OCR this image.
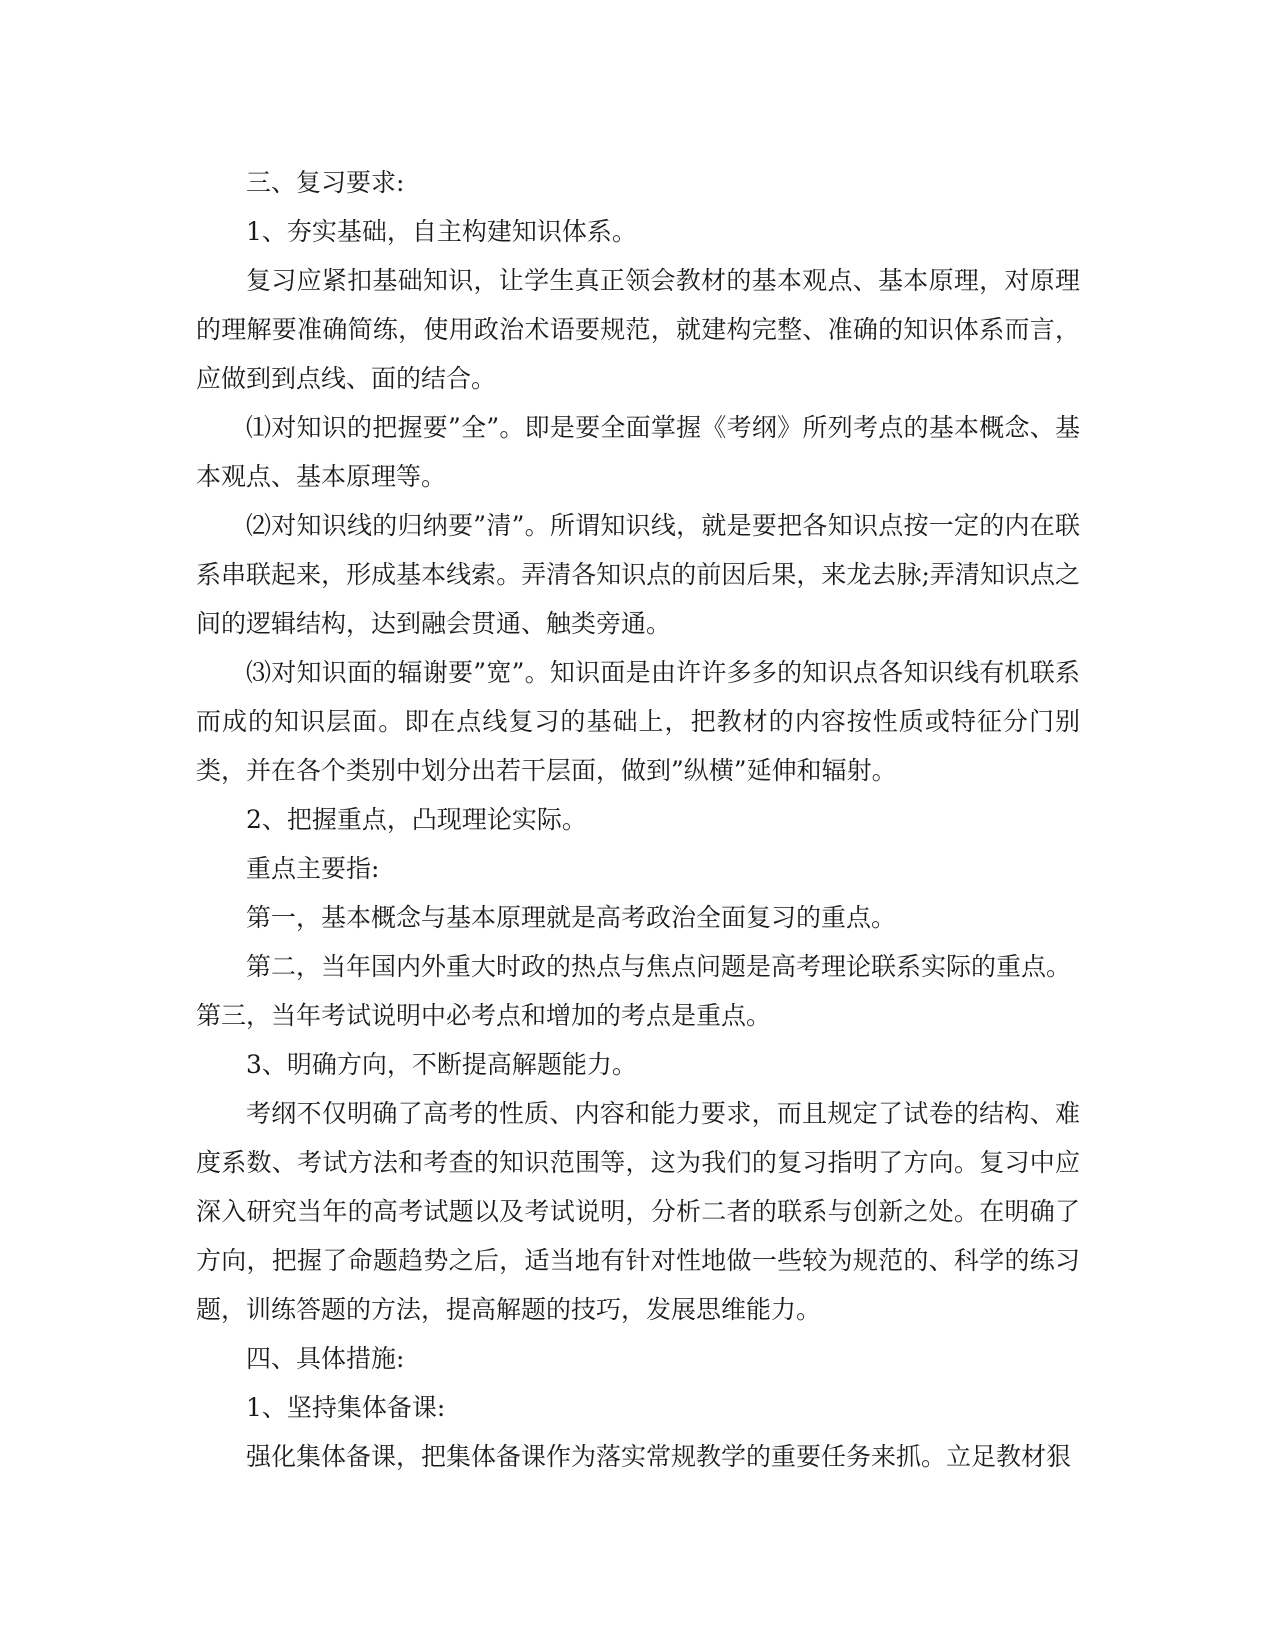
三、复习要求:

1、夯实基础，自主构建知识体系。

复习应紧扣基础知识，让学生真正领会教材的基本观点、基本原理，对原理的理解要准确简练，使用政治术语要规范，就建构完整、准确的知识体系而言，应做到到点线、面的结合。

⑴对知识的把握要”全”。即是要全面掌握《考纲》所列考点的基本概念、基本观点、基本原理等。

⑵对知识线的归纳要”清”。所谓知识线，就是要把各知识点按一定的内在联系串联起来，形成基本线索。弄清各知识点的前因后果，来龙去脉;弄清知识点之间的逻辑结构，达到融会贯通、触类旁通。

⑶对知识面的辐谢要”宽”。知识面是由许许多多的知识点各知识线有机联系而成的知识层面。即在点线复习的基础上，把教材的内容按性质或特征分门别类，并在各个类别中划分出若干层面，做到”纵横”延伸和辐射。

2、把握重点，凸现理论实际。

重点主要指:

第一，基本概念与基本原理就是高考政治全面复习的重点。

第二，当年国内外重大时政的热点与焦点问题是高考理论联系实际的重点。

第三，当年考试说明中必考点和增加的考点是重点。

3、明确方向，不断提高解题能力。

考纲不仅明确了高考的性质、内容和能力要求，而且规定了试卷的结构、难度系数、考试方法和考查的知识范围等，这为我们的复习指明了方向。复习中应深入研究当年的高考试题以及考试说明，分析二者的联系与创新之处。在明确了方向，把握了命题趋势之后，适当地有针对性地做一些较为规范的、科学的练习题，训练答题的方法，提高解题的技巧，发展思维能力。

四、具体措施:

1、坚持集体备课:

强化集体备课，把集体备课作为落实常规教学的重要任务来抓。立足教材狠
